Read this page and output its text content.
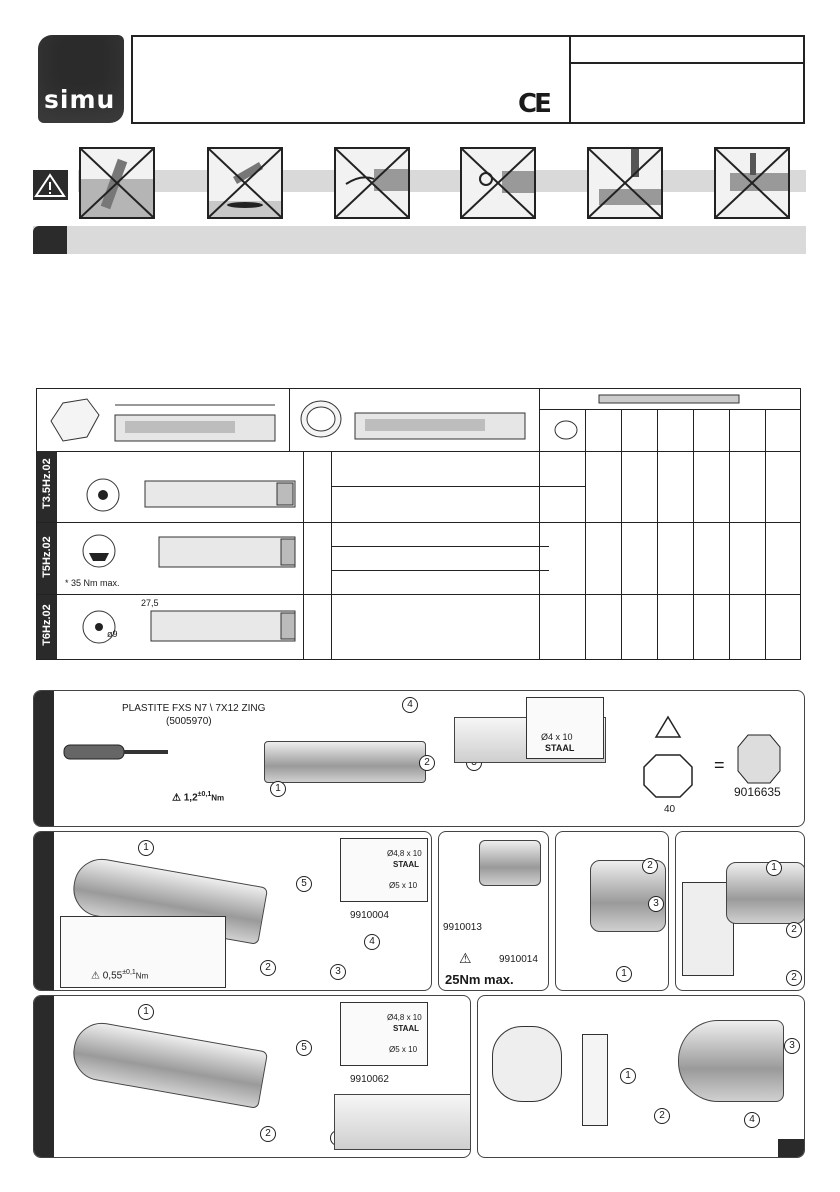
simu	CE
T3.5Hz.02
T5Hz.02
T6Hz.02
* 35 Nm max.
27,5
ø9
PLASTITE FXS N7 \ 7X12 ZING
(5005970)
⚠ $1,2^{\pm 0,1}Nm$
4
1
2
Ø4 x 10
STAAL
40
=
9016635
1
Ø4,8 x 10
STAAL
Ø5 x 10
5
9910004
4
2	3
⚠ $0,55^{\pm 0,1}Nm$
9910013
9910014
⚠
25Nm max.
2
3
1
1
2
2
1
Ø4,8 x 10
STAAL
Ø5 x 10
5
9910062
2
3
1
2	4
